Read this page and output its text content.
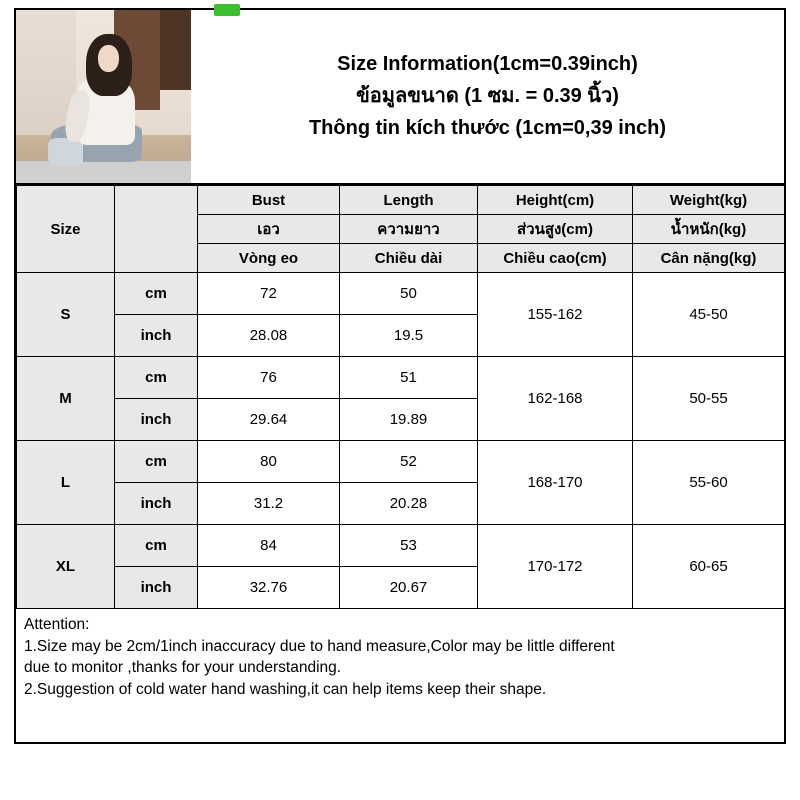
Size Information(1cm=0.39inch)
ข้อมูลขนาด (1 ซม. = 0.39 นิ้ว)
Thông tin kích thước (1cm=0,39 inch)
Size		Bust	Length	Height(cm)	Weight(kg)
		เอว	ความยาว	ส่วนสูง(cm)	น้ำหนัก(kg)
		Vòng eo	Chiều dài	Chiều cao(cm)	Cân nặng(kg)
S	cm	72	50	155-162	45-50
	inch	28.08	19.5		
M	cm	76	51	162-168	50-55
	inch	29.64	19.89		
L	cm	80	52	168-170	55-60
	inch	31.2	20.28		
XL	cm	84	53	170-172	60-65
	inch	32.76	20.67		

Attention:

1.Size may be 2cm/1inch inaccuracy due to hand measure,Color may be little different

due to monitor ,thanks for your understanding.

2.Suggestion of cold water hand washing,it can help items keep their shape.
